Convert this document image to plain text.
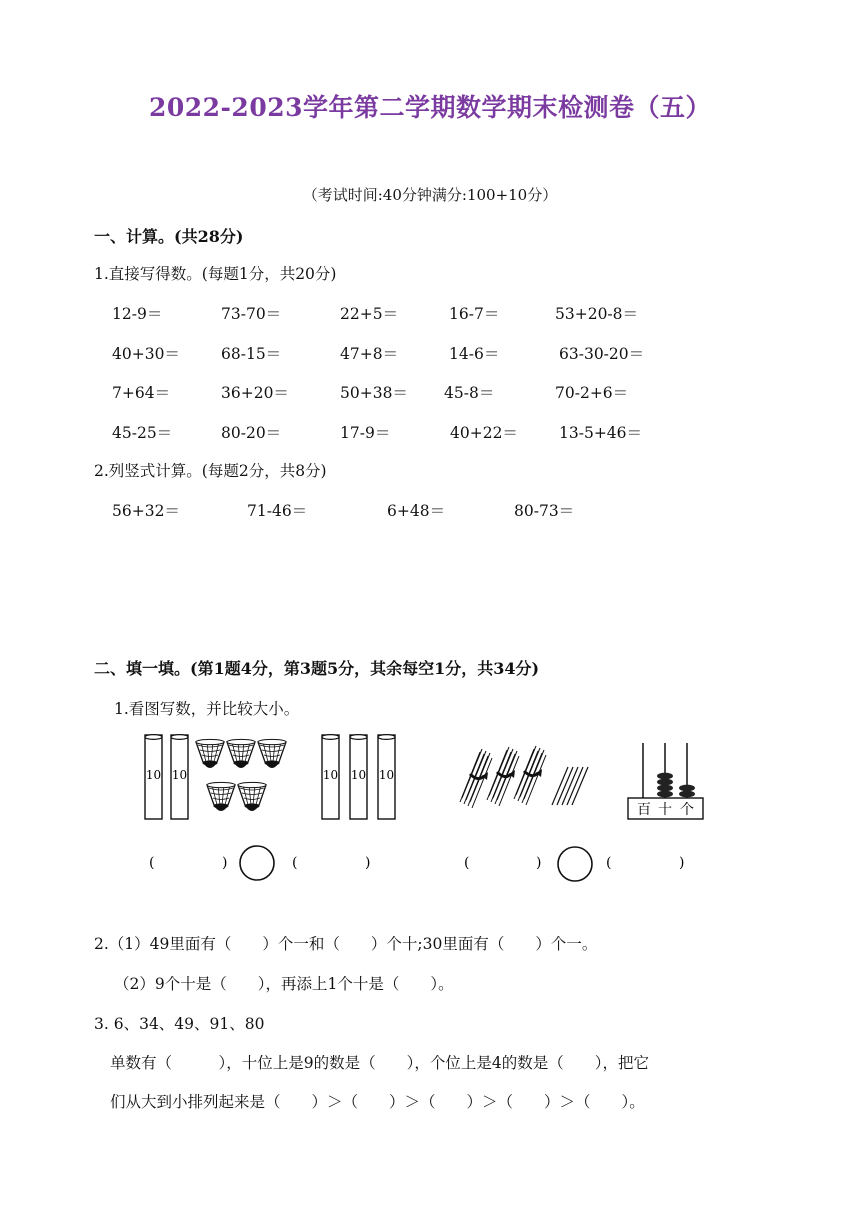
2022-2023学年第二学期数学期末检测卷（五）
（考试时间:40分钟满分:100+10分）
一、计算。(共28分)
1.直接写得数。(每题1分，共20分)
12-9＝	73-70＝	22+5＝	16-7＝	53+20-8＝
40+30＝	68-15＝	47+8＝	14-6＝	63-30-20＝
7+64＝	36+20＝	50+38＝ 45-8＝	70-2+6＝
45-25＝	80-20＝	17-9＝	40+22＝	13-5+46＝
2.列竖式计算。(每题2分，共8分)
56+32＝	71-46＝	6+48＝	80-73＝
二、填一填。(第1题4分，第3题5分，其余每空1分，共34分)
1.看图写数，并比较大小。
10 10	10 10 10
百 十 个
(	)	(	)	(	)	(	)
2.（1）49里面有（　　）个一和（　　）个十;30里面有（　　）个一。
（2）9个十是（　　），再添上1个十是（　　）。
3. 6、34、49、91、80
单数有（　　　），十位上是9的数是（　　），个位上是4的数是（　　），把它
们从大到小排列起来是（　　）＞（　　）＞（　　）＞（　　）＞（　　）。
